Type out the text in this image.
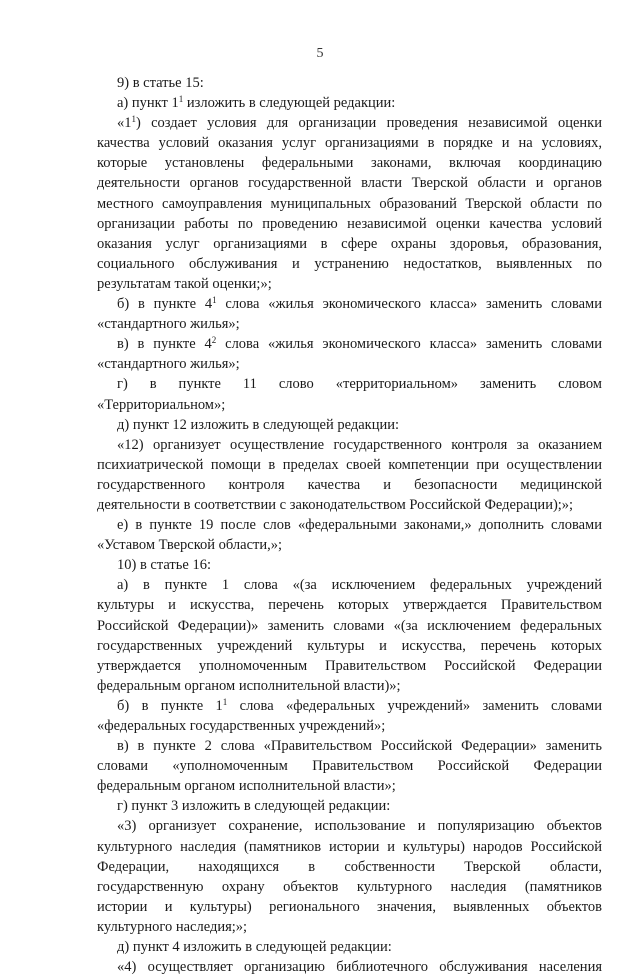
5
9) в статье 15:
а) пункт $1^1$ изложить в следующей редакции:
«$1^1$) создает условия для организации проведения независимой оценки
качества условий оказания услуг организациями в порядке и на условиях,
которые установлены федеральными законами, включая координацию
деятельности органов государственной власти Тверской области и органов
местного самоуправления муниципальных образований Тверской области по
организации работы по проведению независимой оценки качества условий
оказания услуг организациями в сфере охраны здоровья, образования,
социального обслуживания и устранению недостатков, выявленных по
результатам такой оценки;»;
б) в пункте $4^1$ слова «жилья экономического класса» заменить словами
«стандартного жилья»;
в) в пункте $4^2$ слова «жилья экономического класса» заменить словами
«стандартного жилья»;
г) в пункте 11 слово «территориальном» заменить словом
«Территориальном»;
д) пункт 12 изложить в следующей редакции:
«12) организует осуществление государственного контроля за оказанием
психиатрической помощи в пределах своей компетенции при осуществлении
государственного контроля качества и безопасности медицинской
деятельности в соответствии с законодательством Российской Федерации);»;
е) в пункте 19 после слов «федеральными законами,» дополнить словами
«Уставом Тверской области,»;
10) в статье 16:
а) в пункте 1 слова «(за исключением федеральных учреждений
культуры и искусства, перечень которых утверждается Правительством
Российской Федерации)» заменить словами «(за исключением федеральных
государственных учреждений культуры и искусства, перечень которых
утверждается уполномоченным Правительством Российской Федерации
федеральным органом исполнительной власти)»;
б) в пункте $1^1$ слова «федеральных учреждений» заменить словами
«федеральных государственных учреждений»;
в) в пункте 2 слова «Правительством Российской Федерации» заменить
словами «уполномоченным Правительством Российской Федерации
федеральным органом исполнительной власти»;
г) пункт 3 изложить в следующей редакции:
«3) организует сохранение, использование и популяризацию объектов
культурного наследия (памятников истории и культуры) народов Российской
Федерации, находящихся в собственности Тверской области,
государственную охрану объектов культурного наследия (памятников
истории и культуры) регионального значения, выявленных объектов
культурного наследия;»;
д) пункт 4 изложить в следующей редакции:
«4) осуществляет организацию библиотечного обслуживания населения
